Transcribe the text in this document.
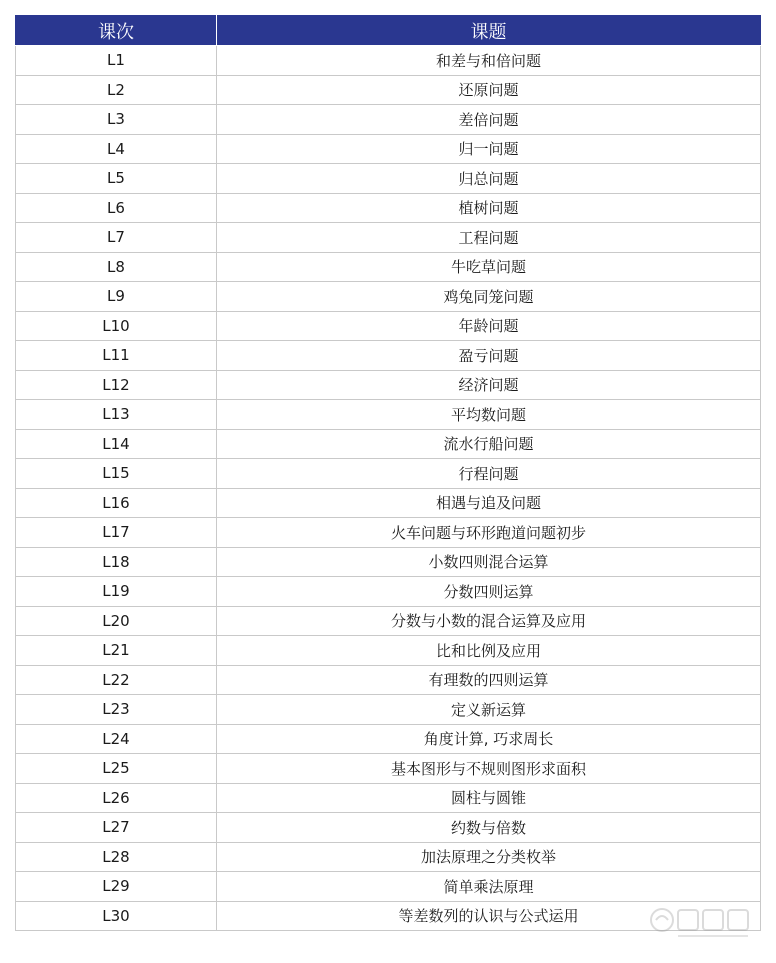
课次	课题
L1	和差与和倍问题
L2	还原问题
L3	差倍问题
L4	归一问题
L5	归总问题
L6	植树问题
L7	工程问题
L8	牛吃草问题
L9	鸡兔同笼问题
L10	年龄问题
L11	盈亏问题
L12	经济问题
L13	平均数问题
L14	流水行船问题
L15	行程问题
L16	相遇与追及问题
L17	火车问题与环形跑道问题初步
L18	小数四则混合运算
L19	分数四则运算
L20	分数与小数的混合运算及应用
L21	比和比例及应用
L22	有理数的四则运算
L23	定义新运算
L24	角度计算, 巧求周长
L25	基本图形与不规则图形求面积
L26	圆柱与圆锥
L27	约数与倍数
L28	加法原理之分类枚举
L29	简单乘法原理
L30	等差数列的认识与公式运用
